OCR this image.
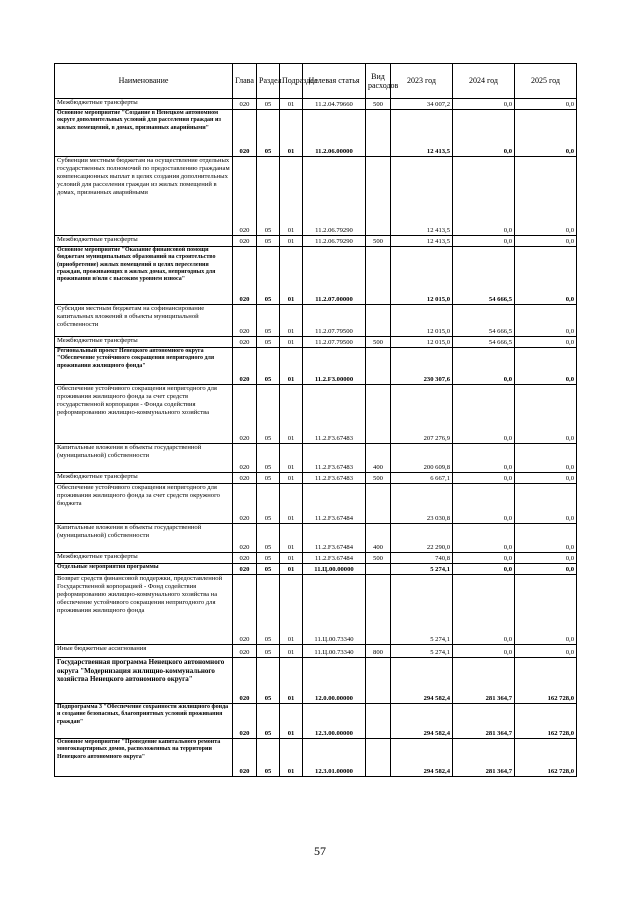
Наименование	Глава	Раздел	Подраздел	Целевая статья	Вид расходов	2023 год	2024 год	2025 год
Межбюджетные трансферты	020	05	01	11.2.04.79660	500	34 007,2	0,0	0,0
Основное мероприятие "Создание в Ненецком автономном округе дополнительных условий для расселения граждан из жилых помещений, в домах, признанных аварийными"	020	05	01	11.2.06.00000		12 413,5	0,0	0,0
Субвенции местным бюджетам на осуществление отдельных государственных полномочий по предоставлению гражданам компенсационных выплат в целях создания дополнительных условий для расселения граждан из жилых помещений в домах, признанных аварийными	020	05	01	11.2.06.79290		12 413,5	0,0	0,0
Межбюджетные трансферты	020	05	01	11.2.06.79290	500	12 413,5	0,0	0,0
Основное мероприятие "Оказание финансовой помощи бюджетам муниципальных образований на строительство (приобретение) жилых помещений в целях переселения граждан, проживающих в жилых домах, непригодных для проживания и/или с высоким уровнем износа"	020	05	01	11.2.07.00000		12 015,0	54 666,5	0,0
Субсидия местным бюджетам на софинансирование капитальных вложений в объекты муниципальной собственности	020	05	01	11.2.07.79500		12 015,0	54 666,5	0,0
Межбюджетные трансферты	020	05	01	11.2.07.79500	500	12 015,0	54 666,5	0,0
Региональный проект Ненецкого автономного округа "Обеспечение устойчивого сокращения непригодного для проживания жилищного фонда"	020	05	01	11.2.F3.00000		230 307,6	0,0	0,0
Обеспечение устойчивого сокращения непригодного для проживания жилищного фонда за счет средств государственной корпорации - Фонда содействия реформированию жилищно-коммунального хозяйства	020	05	01	11.2.F3.67483		207 276,9	0,0	0,0
Капитальные вложения в объекты государственной (муниципальной) собственности	020	05	01	11.2.F3.67483	400	200 609,8	0,0	0,0
Межбюджетные трансферты	020	05	01	11.2.F3.67483	500	6 667,1	0,0	0,0
Обеспечение устойчивого сокращения непригодного для проживания жилищного фонда за счет средств окружного бюджета	020	05	01	11.2.F3.67484		23 030,8	0,0	0,0
Капитальные вложения в объекты государственной (муниципальной) собственности	020	05	01	11.2.F3.67484	400	22 290,0	0,0	0,0
Межбюджетные трансферты	020	05	01	11.2.F3.67484	500	740,8	0,0	0,0
Отдельные мероприятия программы	020	05	01	11.Ц.00.00000		5 274,1	0,0	0,0
Возврат средств финансовой поддержки, предоставленной Государственной корпорацией - Фонд содействия реформированию жилищно-коммунального хозяйства на обеспечение устойчивого сокращения непригодного для проживания жилищного фонда	020	05	01	11.Ц.00.73340		5 274,1	0,0	0,0
Иные бюджетные ассигнования	020	05	01	11.Ц.00.73340	800	5 274,1	0,0	0,0
Государственная программа Ненецкого автономного округа "Модернизация жилищно-коммунального хозяйства Ненецкого автономного округа"	020	05	01	12.0.00.00000		294 582,4	281 364,7	162 728,0
Подпрограмма 3 "Обеспечение сохранности жилищного фонда и создание безопасных, благоприятных условий проживания граждан"	020	05	01	12.3.00.00000		294 582,4	281 364,7	162 728,0
Основное мероприятие "Проведение капитального ремонта многоквартирных домов, расположенных на территории Ненецкого автономного округа"	020	05	01	12.3.01.00000		294 582,4	281 364,7	162 728,0
57
